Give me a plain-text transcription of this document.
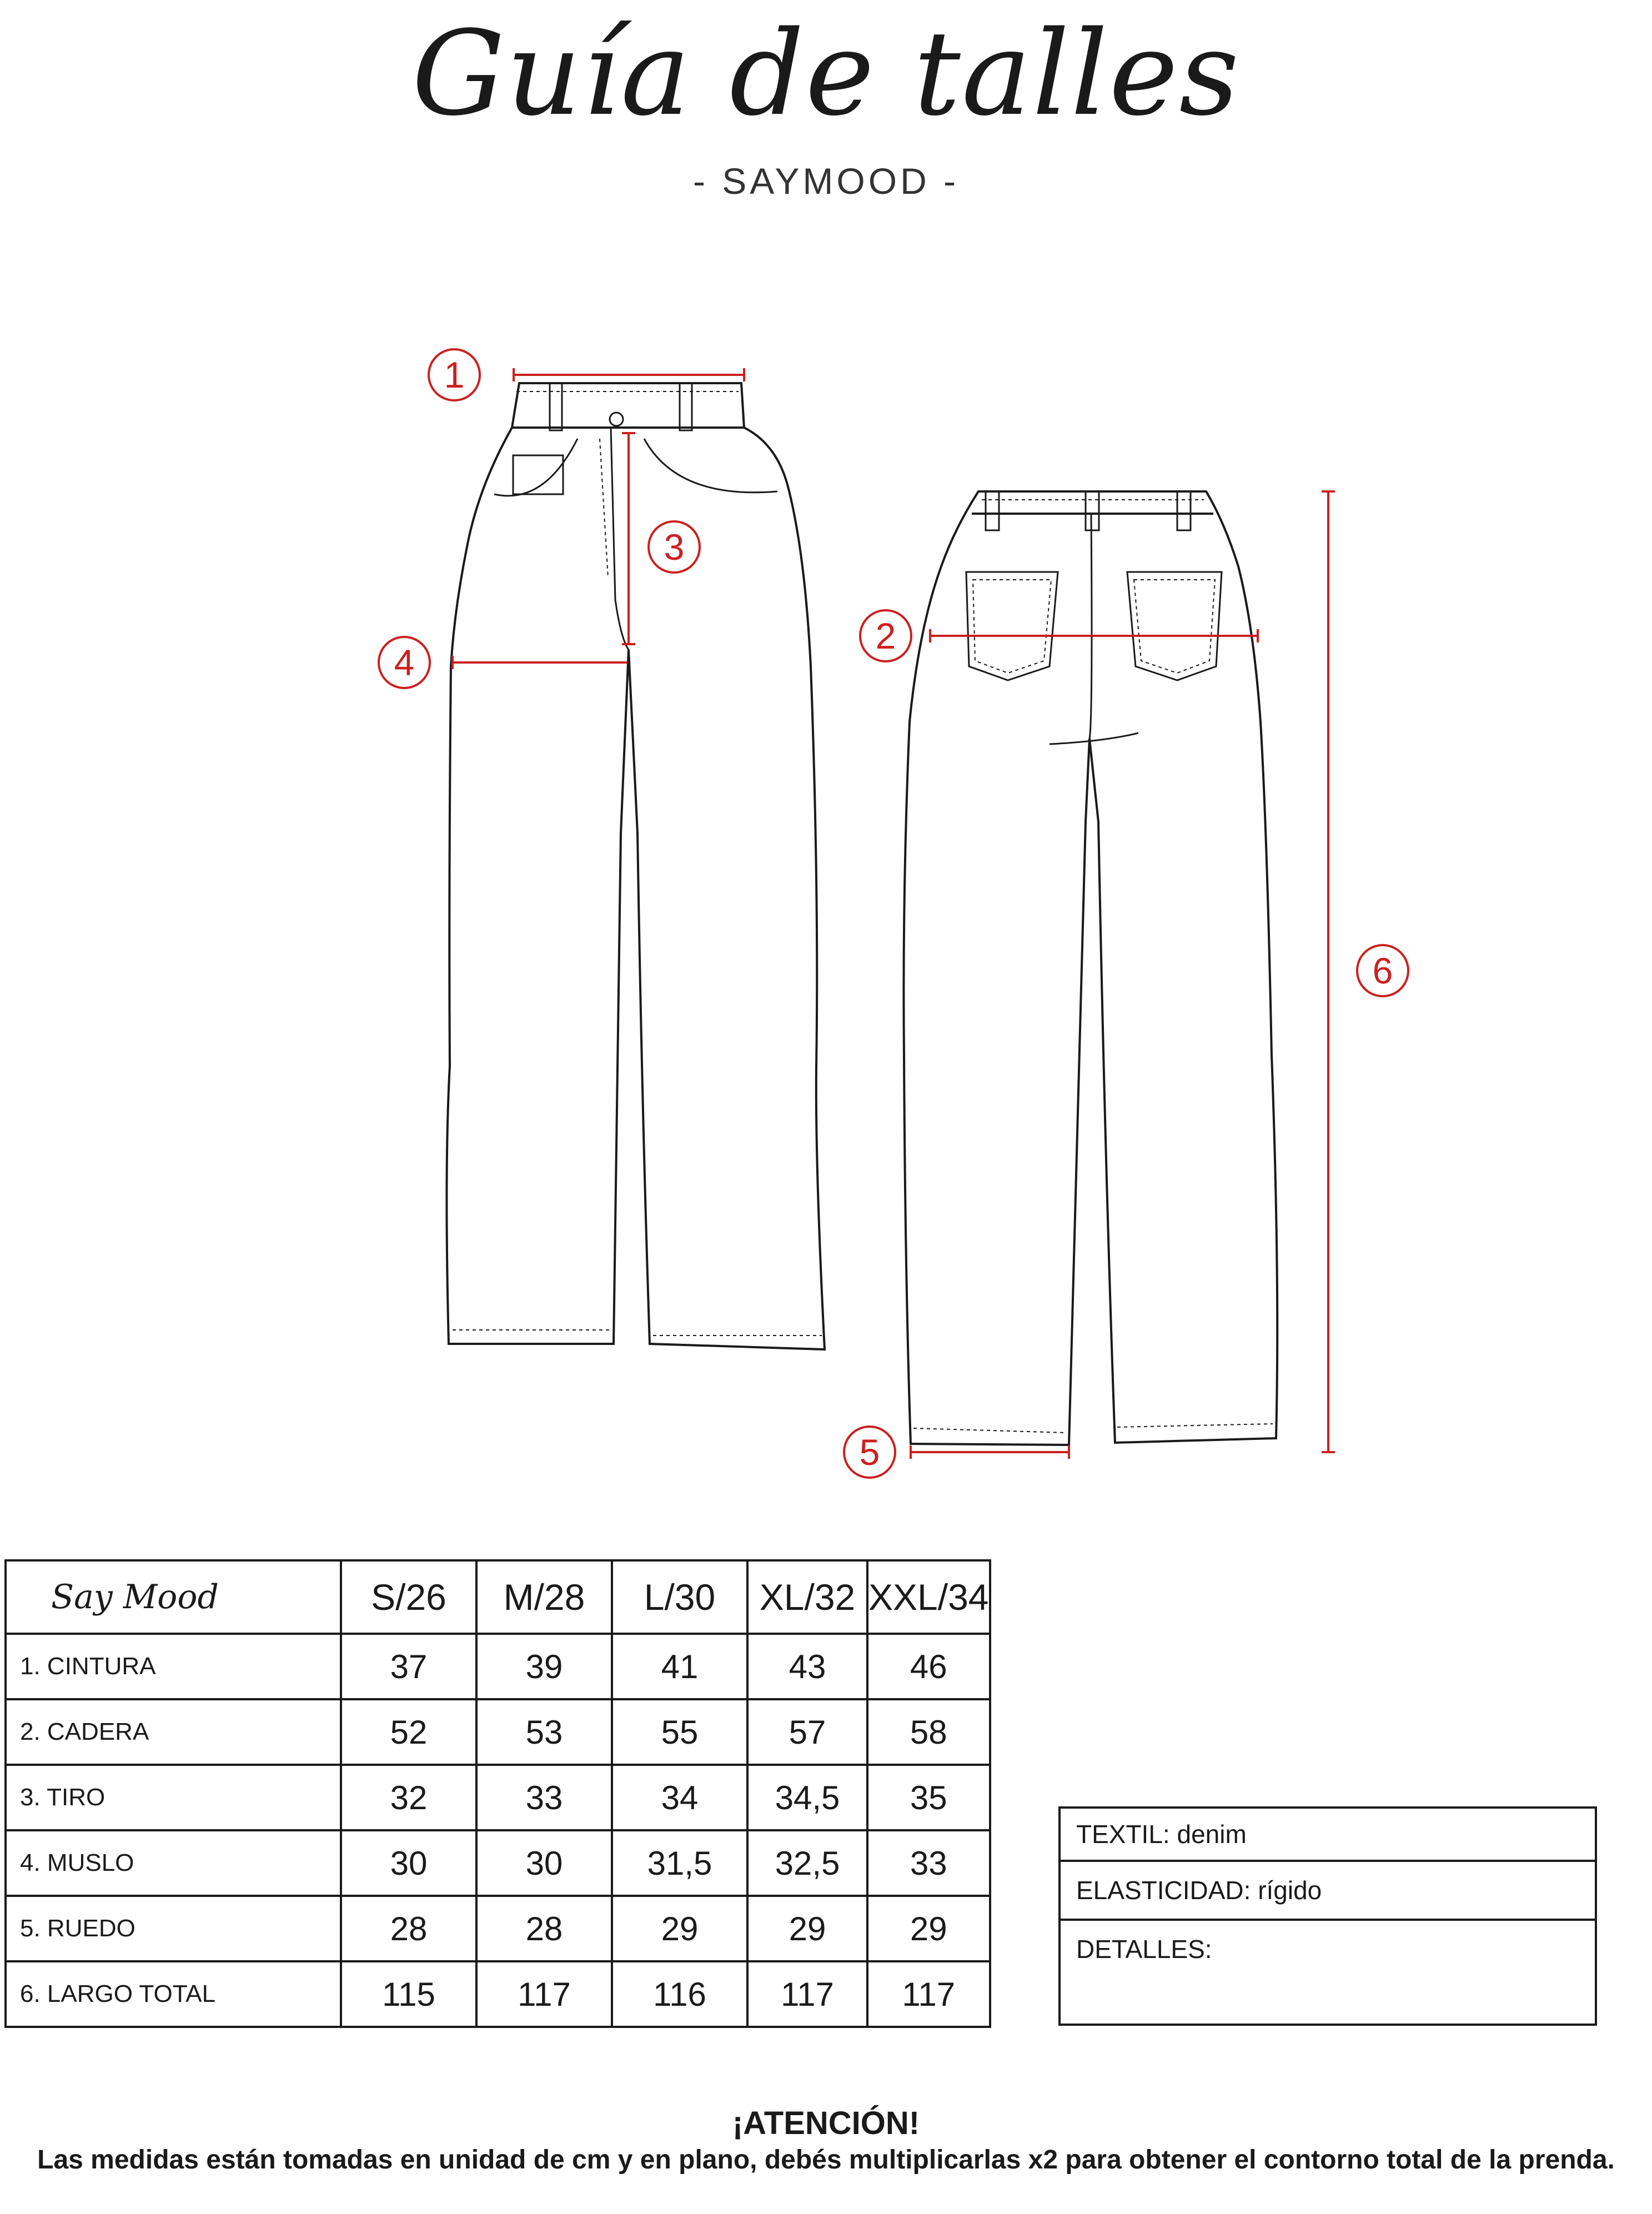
Guía de talles
- SAYMOOD -
1
2
3
4
5
6
Say Mood	S/26	M/28	L/30	XL/32	XXL/34
1. CINTURA	37	39	41	43	46
2. CADERA	52	53	55	57	58
3. TIRO	32	33	34	34,5	35
4. MUSLO	30	30	31,5	32,5	33
5. RUEDO	28	28	29	29	29
6. LARGO TOTAL	115	117	116	117	117
TEXTIL: denim
ELASTICIDAD: rígido
DETALLES:
¡ATENCIÓN!
Las medidas están tomadas en unidad de cm y en plano, debés multiplicarlas x2 para obtener el contorno total de la prenda.
